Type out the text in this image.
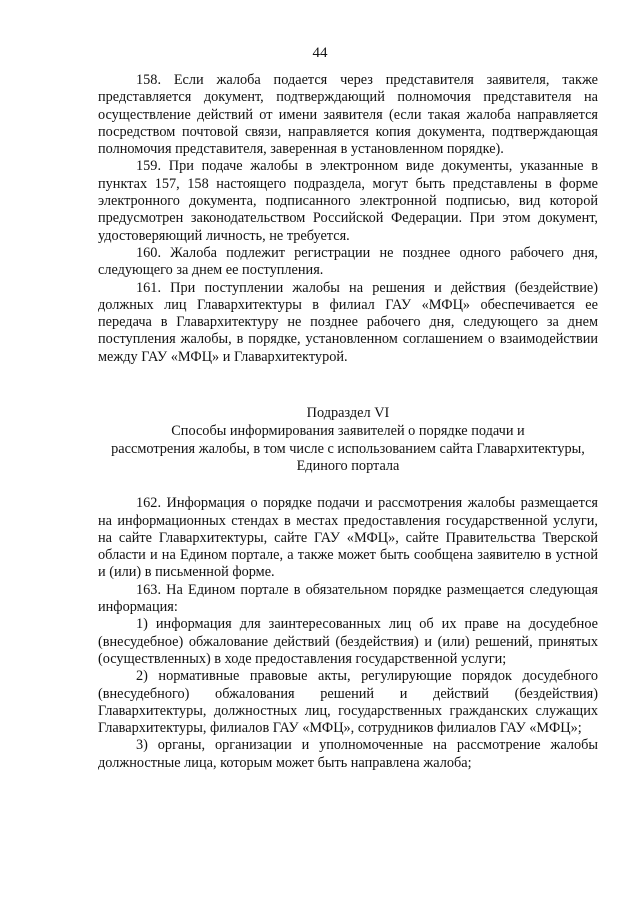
44

158. Если жалоба подается через представителя заявителя, также представляется документ, подтверждающий полномочия представителя на осуществление действий от имени заявителя (если такая жалоба направляется посредством почтовой связи, направляется копия документа, подтверждающая полномочия представителя, заверенная в установленном порядке).

159. При подаче жалобы в электронном виде документы, указанные в пунктах 157, 158 настоящего подраздела, могут быть представлены в форме электронного документа, подписанного электронной подписью, вид которой предусмотрен законодательством Российской Федерации. При этом документ, удостоверяющий личность, не требуется.

160. Жалоба подлежит регистрации не позднее одного рабочего дня, следующего за днем ее поступления.

161. При поступлении жалобы на решения и действия (бездействие) должных лиц Главархитектуры в филиал ГАУ «МФЦ» обеспечивается ее передача в Главархитектуру не позднее рабочего дня, следующего за днем поступления жалобы, в порядке, установленном соглашением о взаимодействии между ГАУ «МФЦ» и Главархитектурой.

Подраздел VI
Способы информирования заявителей о порядке подачи и
рассмотрения жалобы, в том числе с использованием сайта Главархитектуры,
Единого портала

162. Информация о порядке подачи и рассмотрения жалобы размещается на информационных стендах в местах предоставления государственной услуги, на сайте Главархитектуры, сайте ГАУ «МФЦ», сайте Правительства Тверской области и на Едином портале, а также может быть сообщена заявителю в устной и (или) в письменной форме.

163. На Едином портале в обязательном порядке размещается следующая информация:

1) информация для заинтересованных лиц об их праве на досудебное (внесудебное) обжалование действий (бездействия) и (или) решений, принятых (осуществленных) в ходе предоставления государственной услуги;

2) нормативные правовые акты, регулирующие порядок досудебного (внесудебного) обжалования решений и действий (бездействия) Главархитектуры, должностных лиц, государственных гражданских служащих Главархитектуры, филиалов ГАУ «МФЦ», сотрудников филиалов ГАУ «МФЦ»;

3) органы, организации и уполномоченные на рассмотрение жалобы должностные лица, которым может быть направлена жалоба;
